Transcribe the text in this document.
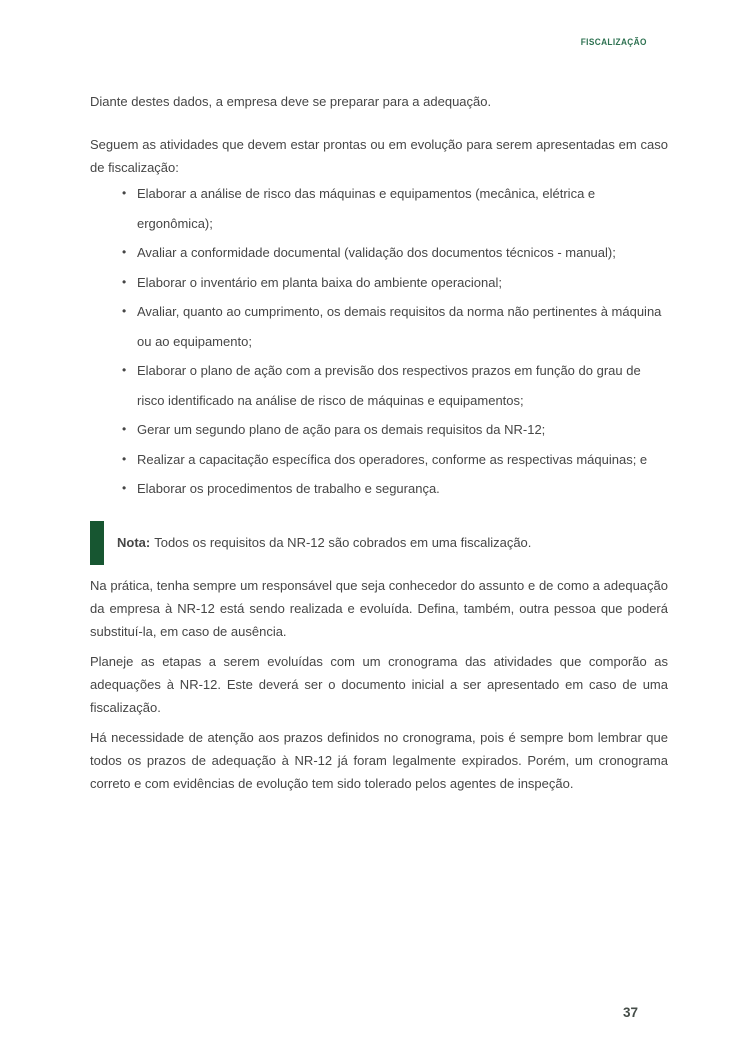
FISCALIZAÇÃO

Diante destes dados, a empresa deve se preparar para a adequação.

Seguem as atividades que devem estar prontas ou em evolução para serem apresentadas em caso de fiscalização:

• Elaborar a análise de risco das máquinas e equipamentos (mecânica, elétrica e ergonômica);
• Avaliar a conformidade documental (validação dos documentos técnicos - manual);
• Elaborar o inventário em planta baixa do ambiente operacional;
• Avaliar, quanto ao cumprimento, os demais requisitos da norma não pertinentes à máquina ou ao equipamento;
• Elaborar o plano de ação com a previsão dos respectivos prazos em função do grau de risco identificado na análise de risco de máquinas e equipamentos;
• Gerar um segundo plano de ação para os demais requisitos da NR-12;
• Realizar a capacitação específica dos operadores, conforme as respectivas máquinas; e
• Elaborar os procedimentos de trabalho e segurança.
Nota: Todos os requisitos da NR-12 são cobrados em uma fiscalização.

Na prática, tenha sempre um responsável que seja conhecedor do assunto e de como a adequação da empresa à NR-12 está sendo realizada e evoluída. Defina, também, outra pessoa que poderá substituí-la, em caso de ausência.

Planeje as etapas a serem evoluídas com um cronograma das atividades que comporão as adequações à NR-12. Este deverá ser o documento inicial a ser apresentado em caso de uma fiscalização.

Há necessidade de atenção aos prazos definidos no cronograma, pois é sempre bom lembrar que todos os prazos de adequação à NR-12 já foram legalmente expirados. Porém, um cronograma correto e com evidências de evolução tem sido tolerado pelos agentes de inspeção.

37
